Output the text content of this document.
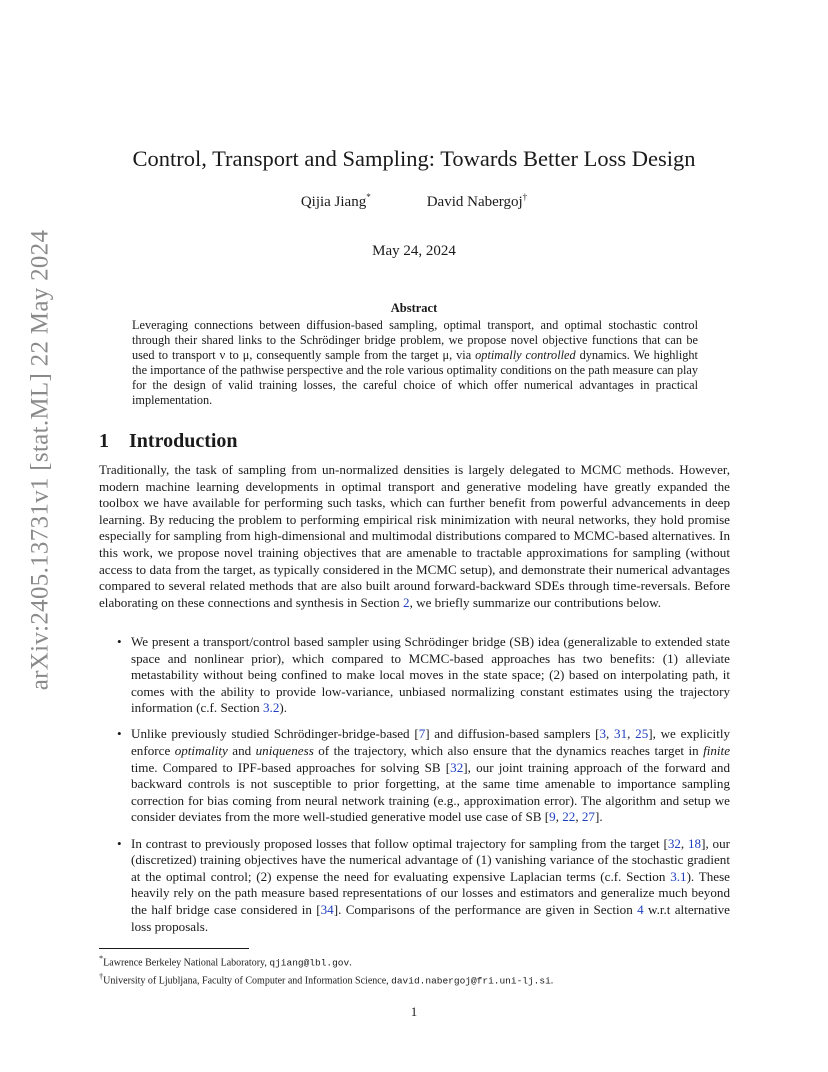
arXiv:2405.13731v1 [stat.ML] 22 May 2024
Control, Transport and Sampling: Towards Better Loss Design
Qijia Jiang*	David Nabergoj†
May 24, 2024
Abstract
Leveraging connections between diffusion-based sampling, optimal transport, and optimal stochastic control through their shared links to the Schrödinger bridge problem, we propose novel objective functions that can be used to transport ν to μ, consequently sample from the target μ, via optimally controlled dynamics. We highlight the importance of the pathwise perspective and the role various optimality conditions on the path measure can play for the design of valid training losses, the careful choice of which offer numerical advantages in practical implementation.
1 Introduction
Traditionally, the task of sampling from un-normalized densities is largely delegated to MCMC methods. However, modern machine learning developments in optimal transport and generative modeling have greatly expanded the toolbox we have available for performing such tasks, which can further benefit from powerful advancements in deep learning. By reducing the problem to performing empirical risk minimization with neural networks, they hold promise especially for sampling from high-dimensional and multimodal distributions compared to MCMC-based alternatives. In this work, we propose novel training objectives that are amenable to tractable approximations for sampling (without access to data from the target, as typically considered in the MCMC setup), and demonstrate their numerical advantages compared to several related methods that are also built around forward-backward SDEs through time-reversals. Before elaborating on these connections and synthesis in Section 2, we briefly summarize our contributions below.
• We present a transport/control based sampler using Schrödinger bridge (SB) idea (generalizable to extended state space and nonlinear prior), which compared to MCMC-based approaches has two benefits: (1) alleviate metastability without being confined to make local moves in the state space; (2) based on interpolating path, it comes with the ability to provide low-variance, unbiased normalizing constant estimates using the trajectory information (c.f. Section 3.2).
• Unlike previously studied Schrödinger-bridge-based [7] and diffusion-based samplers [3, 31, 25], we explicitly enforce optimality and uniqueness of the trajectory, which also ensure that the dynamics reaches target in finite time. Compared to IPF-based approaches for solving SB [32], our joint training approach of the forward and backward controls is not susceptible to prior forgetting, at the same time amenable to importance sampling correction for bias coming from neural network training (e.g., approximation error). The algorithm and setup we consider deviates from the more well-studied generative model use case of SB [9, 22, 27].
• In contrast to previously proposed losses that follow optimal trajectory for sampling from the target [32, 18], our (discretized) training objectives have the numerical advantage of (1) vanishing variance of the stochastic gradient at the optimal control; (2) expense the need for evaluating expensive Laplacian terms (c.f. Section 3.1). These heavily rely on the path measure based representations of our losses and estimators and generalize much beyond the half bridge case considered in [34]. Comparisons of the performance are given in Section 4 w.r.t alternative loss proposals.
*Lawrence Berkeley National Laboratory, qjiang@lbl.gov.
†University of Ljubljana, Faculty of Computer and Information Science, david.nabergoj@fri.uni-lj.si.
1
